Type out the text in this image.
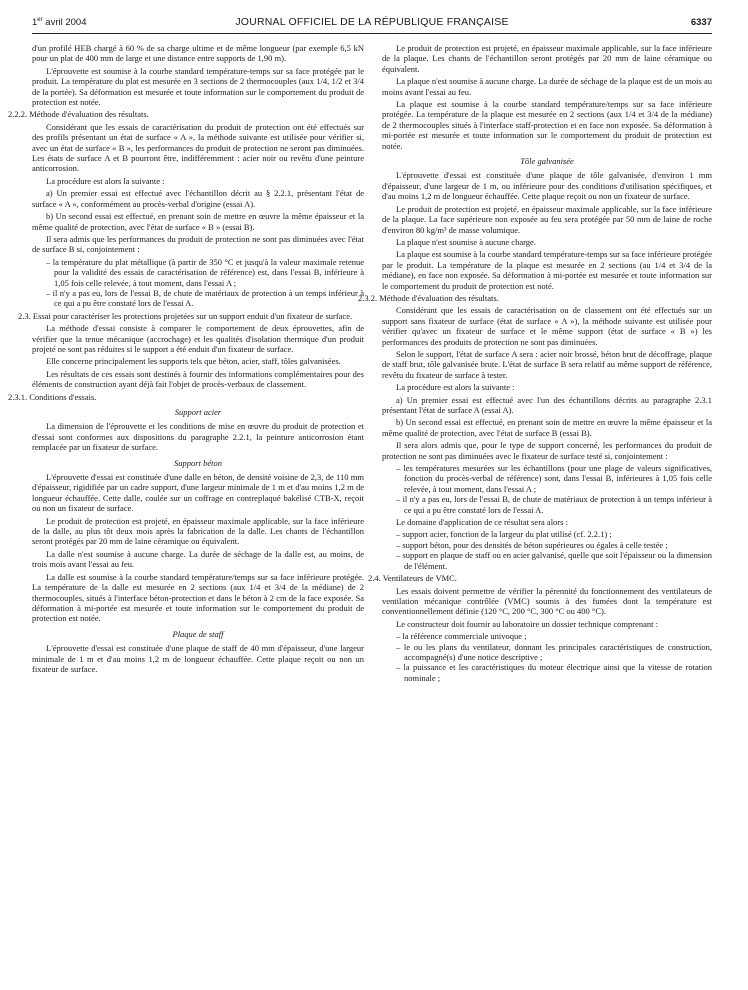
1er avril 2004	JOURNAL OFFICIEL DE LA RÉPUBLIQUE FRANÇAISE	6337

d'un profilé HEB chargé à 60 % de sa charge ultime et de même longueur (par exemple 6,5 kN pour un plat de 400 mm de large et une distance entre supports de 1,90 m).

L'éprouvette est soumise à la courbe standard température-temps sur sa face protégée par le produit. La température du plat est mesurée en 3 sections de 2 thermocouples (aux 1/4, 1/2 et 3/4 de la portée). Sa déformation est mesurée et toute information sur le comportement du produit de protection est notée.

2.2.2. Méthode d'évaluation des résultats.

Considérant que les essais de caractérisation du produit de protection ont été effectués sur des profils présentant un état de surface « A », la méthode suivante est utilisée pour vérifier si, avec un état de surface « B », les performances du produit de protection ne seront pas diminuées. Les états de surface A et B pourront être, indifféremment : acier noir ou revêtu d'une peinture anticorrosion.

La procédure est alors la suivante :

a) Un premier essai est effectué avec l'échantillon décrit au § 2.2.1, présentant l'état de surface « A », conformément au procès-verbal d'origine (essai A).

b) Un second essai est effectué, en prenant soin de mettre en œuvre la même épaisseur et la même qualité de protection, avec l'état de surface « B » (essai B).

Il sera admis que les performances du produit de protection ne sont pas diminuées avec l'état de surface B si, conjointement :

– la température du plat métallique (à partir de 350 °C et jusqu'à la valeur maximale retenue pour la validité des essais de caractérisation de référence) est, dans l'essai B, inférieure à 1,05 fois celle relevée, à tout moment, dans l'essai A ;
– il n'y a pas eu, lors de l'essai B, de chute de matériaux de protection à un temps inférieur à ce qui a pu être constaté lors de l'essai A.

2.3. Essai pour caractériser les protections projetées sur un support enduit d'un fixateur de surface.

La méthode d'essai consiste à comparer le comportement de deux éprouvettes, afin de vérifier que la tenue mécanique (accrochage) et les qualités d'isolation thermique d'un produit projeté ne sont pas réduites si le support a été enduit d'un fixateur de surface.

Elle concerne principalement les supports tels que béton, acier, staff, tôles galvanisées.

Les résultats de ces essais sont destinés à fournir des informations complémentaires pour des éléments de construction ayant déjà fait l'objet de procès-verbaux de classement.

2.3.1. Conditions d'essais.

Support acier

La dimension de l'éprouvette et les conditions de mise en œuvre du produit de protection et d'essai sont conformes aux dispositions du paragraphe 2.2.1, la peinture anticorrosion étant remplacée par un fixateur de surface.

Support béton

L'éprouvette d'essai est constituée d'une dalle en béton, de densité voisine de 2,3, de 110 mm d'épaisseur, rigidifiée par un cadre support, d'une largeur minimale de 1 m et d'au moins 1,2 m de longueur échauffée. Cette dalle, coulée sur un coffrage en contreplaqué bakélisé CTB-X, reçoit ou non un fixateur de surface.

Le produit de protection est projeté, en épaisseur maximale applicable, sur la face inférieure de la dalle, au plus tôt deux mois après la fabrication de la dalle. Les chants de l'échantillon seront protégés par 20 mm de laine céramique ou équivalent.

La dalle n'est soumise à aucune charge. La durée de séchage de la dalle est, au moins, de trois mois avant l'essai au feu.

La dalle est soumise à la courbe standard température/temps sur sa face inférieure protégée. La température de la dalle est mesurée en 2 sections (aux 1/4 et 3/4 de la médiane) de 2 thermocouples, situés à l'interface béton-protection et dans le béton à 2 cm de la face exposée. Sa déformation à mi-portée est mesurée et toute information sur le comportement du produit de protection est notée.

Plaque de staff

L'éprouvette d'essai est constituée d'une plaque de staff de 40 mm d'épaisseur, d'une largeur minimale de 1 m et d'au moins 1,2 m de longueur échauffée. Cette plaque reçoit ou non un fixateur de surface.

Le produit de protection est projeté, en épaisseur maximale applicable, sur la face inférieure de la plaque. Les chants de l'échantillon seront protégés par 20 mm de laine céramique ou équivalent.

La plaque n'est soumise à aucune charge. La durée de séchage de la plaque est de un mois au moins avant l'essai au feu.

La plaque est soumise à la courbe standard température/temps sur sa face inférieure protégée. La température de la plaque est mesurée en 2 sections (aux 1/4 et 3/4 de la médiane) de 2 thermocouples situés à l'interface staff-protection et en face non exposée. Sa déformation à mi-portée est mesurée et toute information sur le comportement du produit de protection est notée.

Tôle galvanisée

L'éprouvette d'essai est constituée d'une plaque de tôle galvanisée, d'environ 1 mm d'épaisseur, d'une largeur de 1 m, ou inférieure pour des conditions d'utilisation spécifiques, et d'au moins 1,2 m de longueur échauffée. Cette plaque reçoit ou non un fixateur de surface.

Le produit de protection est projeté, en épaisseur maximale applicable, sur la face inférieure de la plaque. La face supérieure non exposée au feu sera protégée par 50 mm de laine de roche d'environ 80 kg/m³ de masse volumique.

La plaque n'est soumise à aucune charge.

La plaque est soumise à la courbe standard température-temps sur sa face inférieure protégée par le produit. La température de la plaque est mesurée en 2 sections (au 1/4 et 3/4 de la médiane), en face non exposée. Sa déformation à mi-portée est mesurée et toute information sur le comportement du produit de protection est noté.

2.3.2. Méthode d'évaluation des résultats.

Considérant que les essais de caractérisation ou de classement ont été effectués sur un support sans fixateur de surface (état de surface « A »), la méthode suivante est utilisée pour vérifier qu'avec un fixateur de surface et le même support (état de surface « B ») les performances des produits de protection ne sont pas diminuées.

Selon le support, l'état de surface A sera : acier noir brossé, béton brut de décoffrage, plaque de staff brut, tôle galvanisée brute. L'état de surface B sera relatif au même support de référence, revêtu du fixateur de surface à tester.

La procédure est alors la suivante :

a) Un premier essai est effectué avec l'un des échantillons décrits au paragraphe 2.3.1 présentant l'état de surface A (essai A).

b) Un second essai est effectué, en prenant soin de mettre en œuvre la même épaisseur et la même qualité de protection, avec l'état de surface B (essai B).

Il sera alors admis que, pour le type de support concerné, les performances du produit de protection ne sont pas diminuées avec le fixateur de surface testé si, conjointement :

– les températures mesurées sur les échantillons (pour une plage de valeurs significatives, fonction du procès-verbal de référence) sont, dans l'essai B, inférieures à 1,05 fois celle relevée, à tout moment, dans l'essai A ;
– il n'y a pas eu, lors de l'essai B, de chute de matériaux de protection à un temps inférieur à ce qui a pu être constaté lors de l'essai A.

Le domaine d'application de ce résultat sera alors :

– support acier, fonction de la largeur du plat utilisé (cf. 2.2.1) ;
– support béton, pour des densités de béton supérieures ou égales à celle testée ;
– support en plaque de staff ou en acier galvanisé, quelle que soit l'épaisseur ou la dimension de l'élément.

2.4. Ventilateurs de VMC.

Les essais doivent permettre de vérifier la pérennité du fonctionnement des ventilateurs de ventilation mécanique contrôlée (VMC) soumis à des fumées dont la température est conventionnellement définie (120 °C, 200 °C, 300 °C ou 400 °C).

Le constructeur doit fournir au laboratoire un dossier technique comprenant :

– la référence commerciale univoque ;
– le ou les plans du ventilateur, donnant les principales caractéristiques de construction, accompagné(s) d'une notice descriptive ;
– la puissance et les caractéristiques du moteur électrique ainsi que la vitesse de rotation nominale ;
